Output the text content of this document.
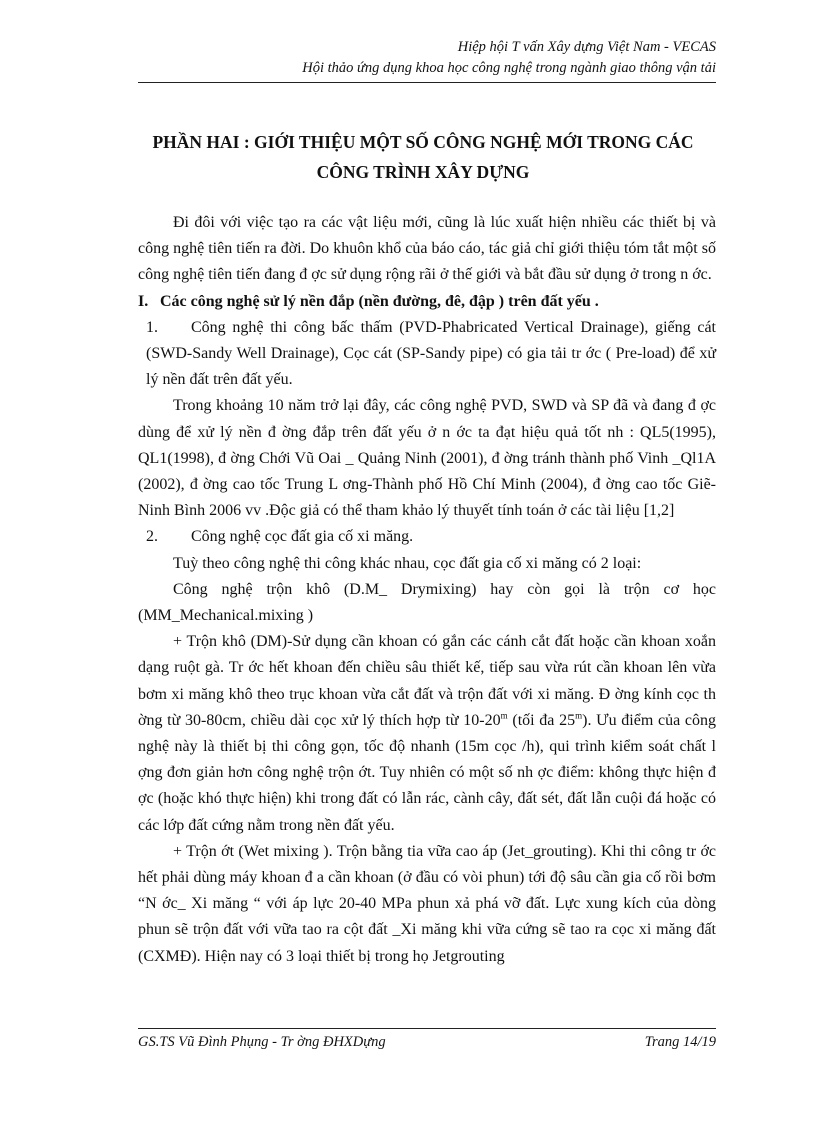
Hiệp hội T vấn Xây dựng Việt Nam - VECAS
Hội thảo ứng dụng khoa học công nghệ trong ngành giao thông vận tải
PHẦN HAI : GIỚI THIỆU MỘT SỐ CÔNG NGHỆ MỚI TRONG CÁC
CÔNG TRÌNH XÂY DỰNG

Đi đôi với việc tạo ra các vật liệu mới, cũng là lúc xuất hiện nhiều các thiết bị và công nghệ tiên tiến ra đời. Do khuôn khổ của báo cáo, tác giả chỉ giới thiệu tóm tắt một số công nghệ tiên tiến đang đ ợc sử dụng rộng rãi ở thế giới và bắt đầu sử dụng ở trong n ớc.

I. Các công nghệ sử lý nền đắp (nền đường, đê, đập ) trên đất yếu .

1. Công nghệ thi công bấc thấm (PVD-Phabricated Vertical Drainage), giếng cát (SWD-Sandy Well Drainage), Cọc cát (SP-Sandy pipe) có gia tải tr ớc ( Pre-load) để xử lý nền đất trên đất yếu.

Trong khoảng 10 năm trở lại đây, các công nghệ PVD, SWD và SP đã và đang đ ợc dùng để xử lý nền đ ờng đắp trên đất yếu ở n ớc ta đạt hiệu quả tốt nh : QL5(1995), QL1(1998), đ ờng Chới Vũ Oai _ Quảng Ninh (2001), đ ờng tránh thành phố Vinh _Ql1A (2002), đ ờng cao tốc Trung L ơng-Thành phố Hồ Chí Minh (2004), đ ờng cao tốc Giẽ-Ninh Bình 2006 vv .Độc giả có thể tham khảo lý thuyết tính toán ở các tài liệu [1,2]

2. Công nghệ cọc đất gia cố xi măng.

Tuỳ theo công nghệ thi công khác nhau, cọc đất gia cố xi măng có 2 loại:

Công nghệ trộn khô (D.M_ Drymixing) hay còn gọi là trộn cơ học (MM_Mechanical.mixing )

+ Trộn khô (DM)-Sử dụng cần khoan có gắn các cánh cắt đất hoặc cần khoan xoắn dạng ruột gà. Tr ớc hết khoan đến chiều sâu thiết kế, tiếp sau vừa rút cần khoan lên vừa bơm xi măng khô theo trục khoan vừa cắt đất và trộn đất với xi măng. Đ ờng kính cọc th ờng từ 30-80cm, chiều dài cọc xử lý thích hợp từ 10-20$^m$ (tối đa 25$^m$). Ưu điểm của công nghệ này là thiết bị thi công gọn, tốc độ nhanh (15m cọc /h), qui trình kiểm soát chất l ợng đơn giản hơn công nghệ trộn ớt. Tuy nhiên có một số nh ợc điểm: không thực hiện đ ợc (hoặc khó thực hiện) khi trong đất có lẫn rác, cành cây, đất sét, đất lẫn cuội đá hoặc có các lớp đất cứng nằm trong nền đất yếu.

+ Trộn ớt (Wet mixing ). Trộn bằng tia vữa cao áp (Jet_grouting). Khi thi công tr ớc hết phải dùng máy khoan đ a cần khoan (ở đầu có vòi phun) tới độ sâu cần gia cố rồi bơm “N ớc_ Xi măng “ với áp lực 20-40 MPa phun xả phá vỡ đất. Lực xung kích của dòng phun sẽ trộn đất với vữa tao ra cột đất _Xi măng khi vữa cứng sẽ tao ra cọc xi măng đất (CXMĐ). Hiện nay có 3 loại thiết bị trong họ Jetgrouting

GS.TS Vũ Đình Phụng - Tr ờng ĐHXDựng	Trang 14/19
